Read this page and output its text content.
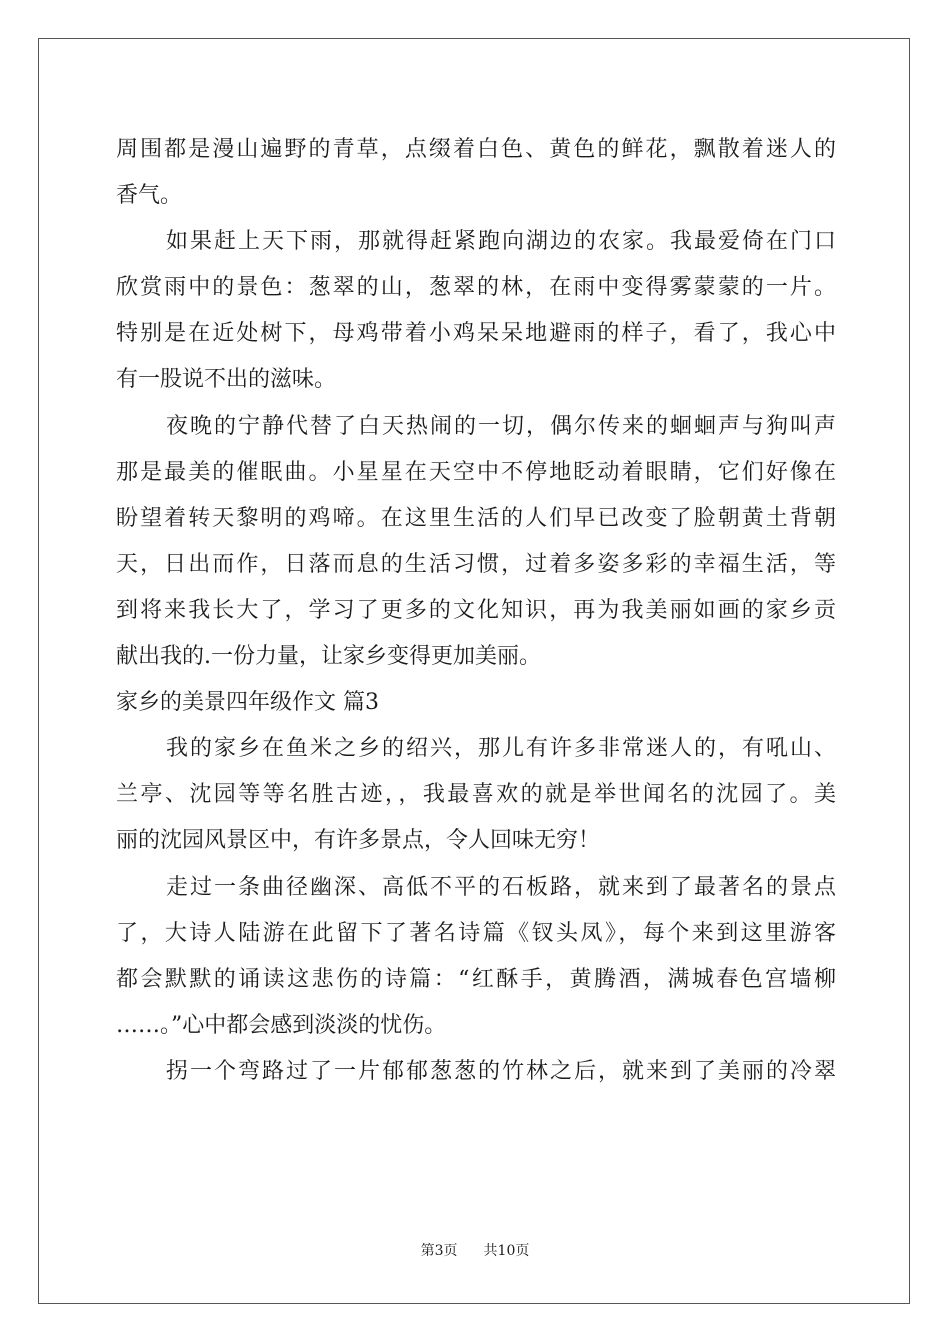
周围都是漫山遍野的青草，点缀着白色、黄色的鲜花，飘散着迷人的
香气。
如果赶上天下雨，那就得赶紧跑向湖边的农家。我最爱倚在门口
欣赏雨中的景色：葱翠的山，葱翠的林，在雨中变得雾蒙蒙的一片。
特别是在近处树下，母鸡带着小鸡呆呆地避雨的样子，看了，我心中
有一股说不出的滋味。
夜晚的宁静代替了白天热闹的一切，偶尔传来的蛔蛔声与狗叫声
那是最美的催眠曲。小星星在天空中不停地眨动着眼睛，它们好像在
盼望着转天黎明的鸡啼。在这里生活的人们早已改变了脸朝黄土背朝
天，日出而作，日落而息的生活习惯，过着多姿多彩的幸福生活，等
到将来我长大了，学习了更多的文化知识，再为我美丽如画的家乡贡
献出我的.一份力量，让家乡变得更加美丽。
家乡的美景四年级作文 篇3
我的家乡在鱼米之乡的绍兴，那儿有许多非常迷人的，有吼山、
兰亭、沈园等等名胜古迹，，我最喜欢的就是举世闻名的沈园了。美
丽的沈园风景区中，有许多景点，令人回味无穷！
走过一条曲径幽深、高低不平的石板路，就来到了最著名的景点
了，大诗人陆游在此留下了著名诗篇《钗头凤》，每个来到这里游客
都会默默的诵读这悲伤的诗篇：“红酥手，黄腾酒，满城春色宫墙柳
……。”心中都会感到淡淡的忧伤。
拐一个弯路过了一片郁郁葱葱的竹林之后，就来到了美丽的冷翠
第3页 共10页
